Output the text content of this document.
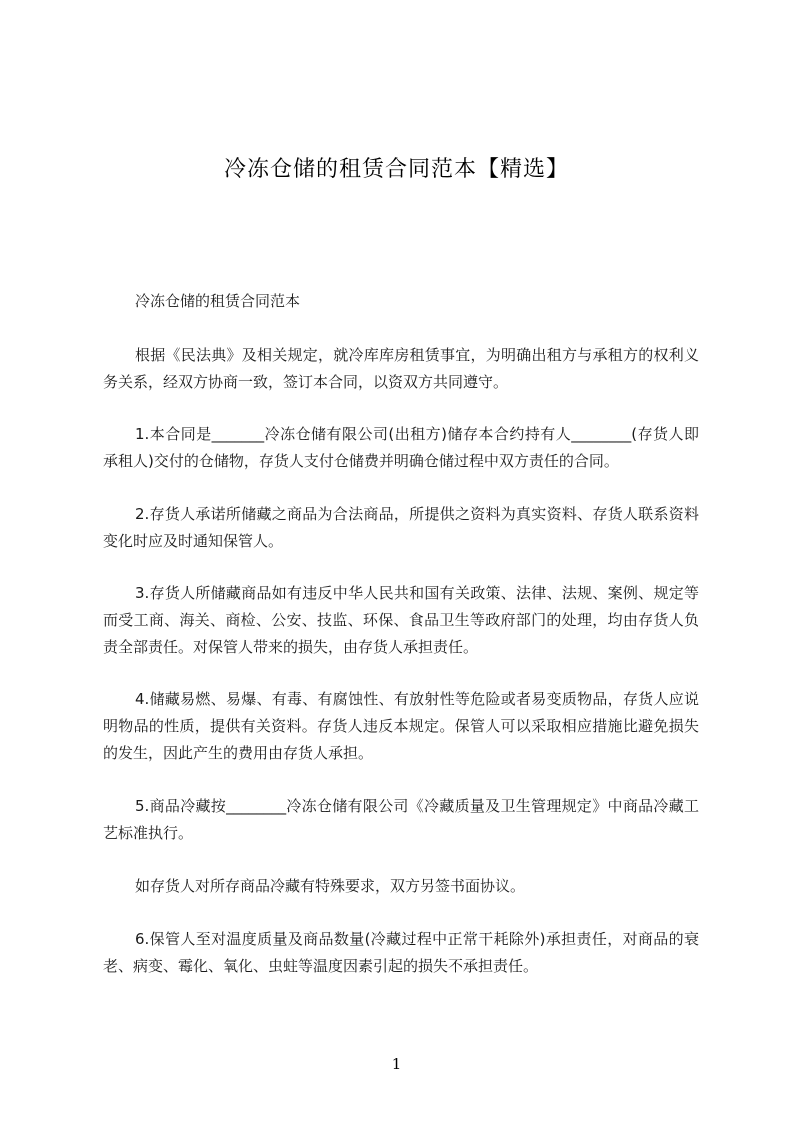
冷冻仓储的租赁合同范本【精选】
冷冻仓储的租赁合同范本
根据《民法典》及相关规定，就冷库库房租赁事宜，为明确出租方与承租方的权利义务关系，经双方协商一致，签订本合同，以资双方共同遵守。
1.本合同是_______冷冻仓储有限公司(出租方)储存本合约持有人________(存货人即承租人)交付的仓储物，存货人支付仓储费并明确仓储过程中双方责任的合同。
2.存货人承诺所储藏之商品为合法商品，所提供之资料为真实资料、存货人联系资料变化时应及时通知保管人。
3.存货人所储藏商品如有违反中华人民共和国有关政策、法律、法规、案例、规定等而受工商、海关、商检、公安、技监、环保、食品卫生等政府部门的处理，均由存货人负责全部责任。对保管人带来的损失，由存货人承担责任。
4.储藏易燃、易爆、有毒、有腐蚀性、有放射性等危险或者易变质物品，存货人应说明物品的性质，提供有关资料。存货人违反本规定。保管人可以采取相应措施比避免损失的发生，因此产生的费用由存货人承担。
5.商品冷藏按________冷冻仓储有限公司《冷藏质量及卫生管理规定》中商品冷藏工艺标准执行。
如存货人对所存商品冷藏有特殊要求，双方另签书面协议。
6.保管人至对温度质量及商品数量(冷藏过程中正常干耗除外)承担责任，对商品的衰老、病变、霉化、氧化、虫蛀等温度因素引起的损失不承担责任。
1
